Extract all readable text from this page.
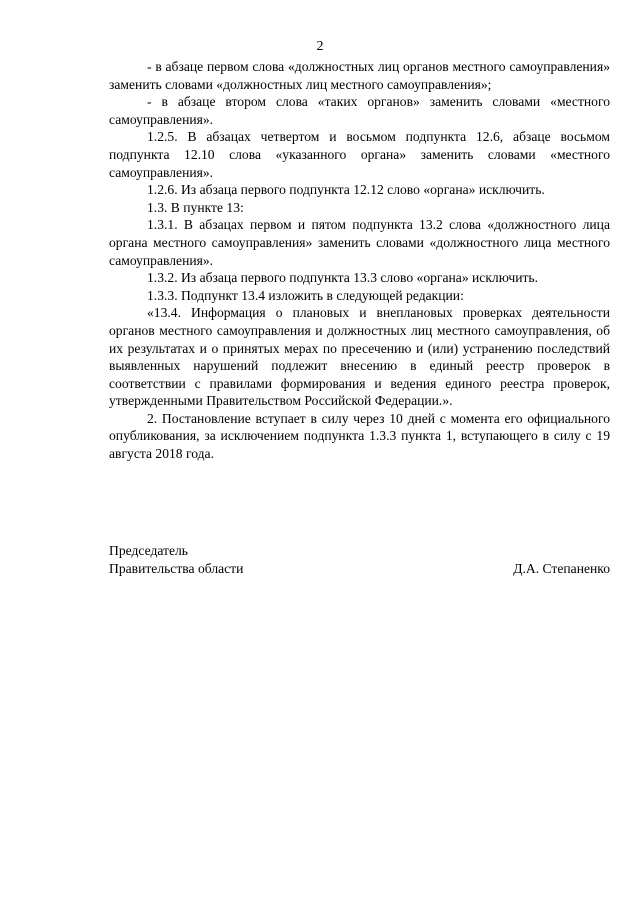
2

- в абзаце первом слова «должностных лиц органов местного самоуправления» заменить словами «должностных лиц местного самоуправления»;

- в абзаце втором слова «таких органов» заменить словами «местного самоуправления».

1.2.5. В абзацах четвертом и восьмом подпункта 12.6, абзаце восьмом подпункта 12.10 слова «указанного органа» заменить словами «местного самоуправления».

1.2.6. Из абзаца первого подпункта 12.12 слово «органа» исключить.

1.3. В пункте 13:

1.3.1. В абзацах первом и пятом подпункта 13.2 слова «должностного лица органа местного самоуправления» заменить словами «должностного лица местного самоуправления».

1.3.2. Из абзаца первого подпункта 13.3 слово «органа» исключить.

1.3.3. Подпункт 13.4 изложить в следующей редакции:

«13.4. Информация о плановых и внеплановых проверках деятельности органов местного самоуправления и должностных лиц местного самоуправления, об их результатах и о принятых мерах по пресечению и (или) устранению последствий выявленных нарушений подлежит внесению в единый реестр проверок в соответствии с правилами формирования и ведения единого реестра проверок, утвержденными Правительством Российской Федерации.».

2. Постановление вступает в силу через 10 дней с момента его официального опубликования, за исключением подпункта 1.3.3 пункта 1, вступающего в силу с 19 августа 2018 года.

Председатель
Правительства области	Д.А. Степаненко
